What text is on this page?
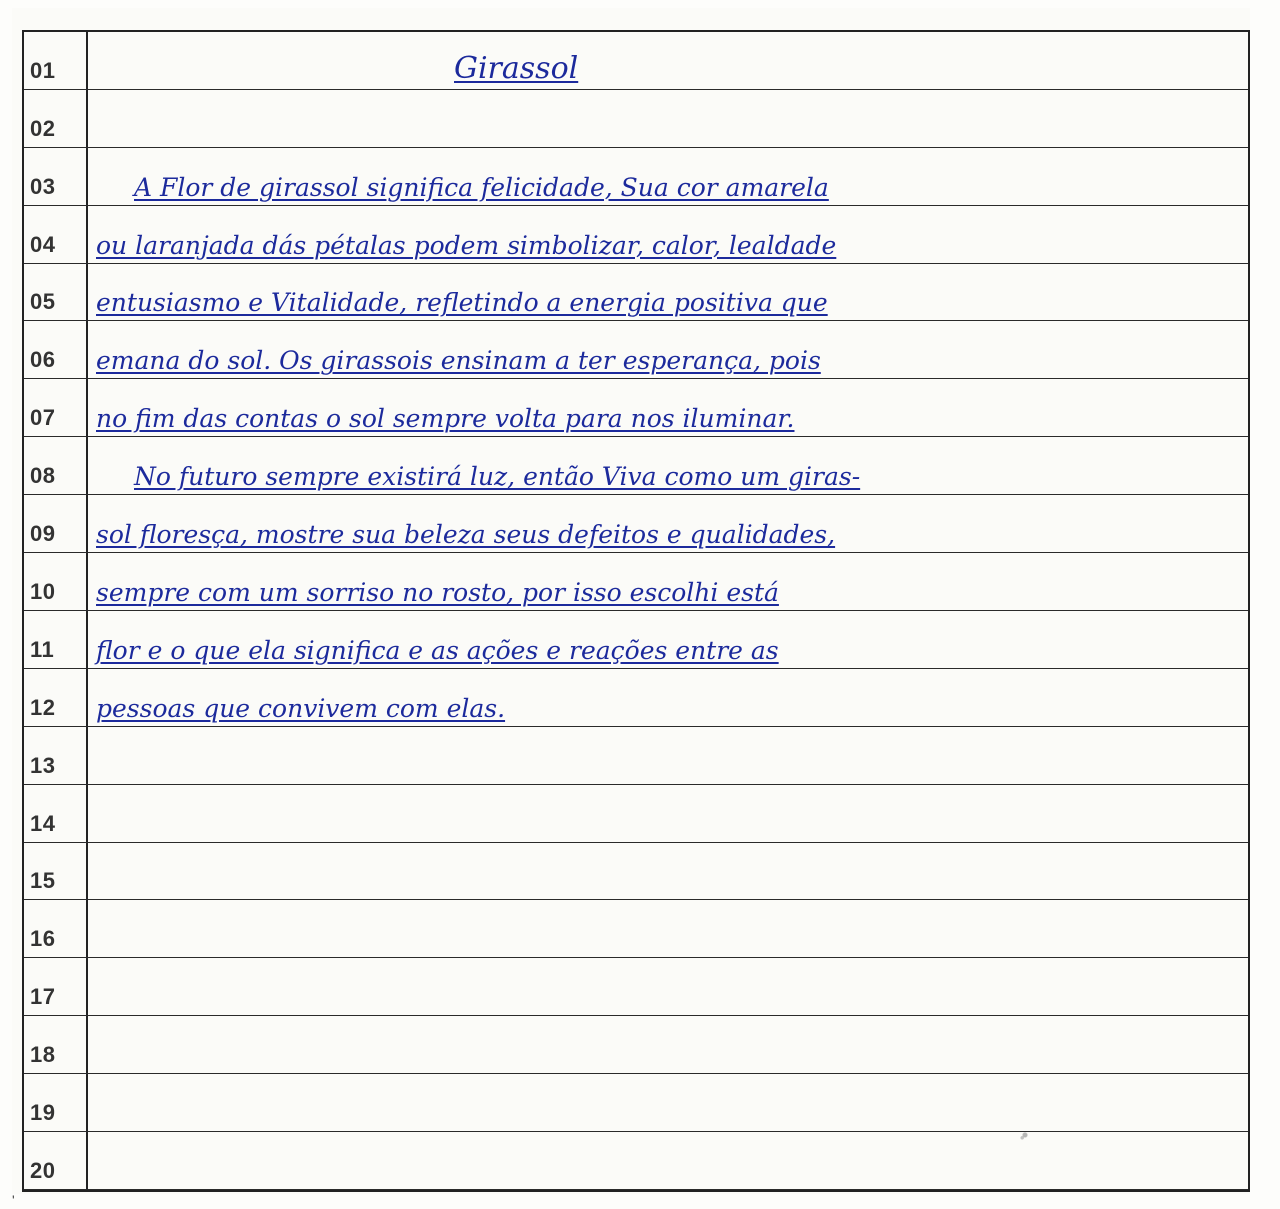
01	Girassol
02
03	A Flor de girassol significa felicidade, Sua cor amarela
04 ou laranjada dás pétalas podem simbolizar, calor, lealdade
05 entusiasmo e Vitalidade, refletindo a energia positiva que
06 emana do sol. Os girassois ensinam a ter esperança, pois
07 no fim das contas o sol sempre volta para nos iluminar.
08	No futuro sempre existirá luz, então Viva como um giras-
09 sol floresça, mostre sua beleza seus defeitos e qualidades,
10 sempre com um sorriso no rosto, por isso escolhi está
11 flor e o que ela significa e as ações e reações entre as
12 pessoas que convivem com elas.
13
14
15
16
17
18
19
20
'
